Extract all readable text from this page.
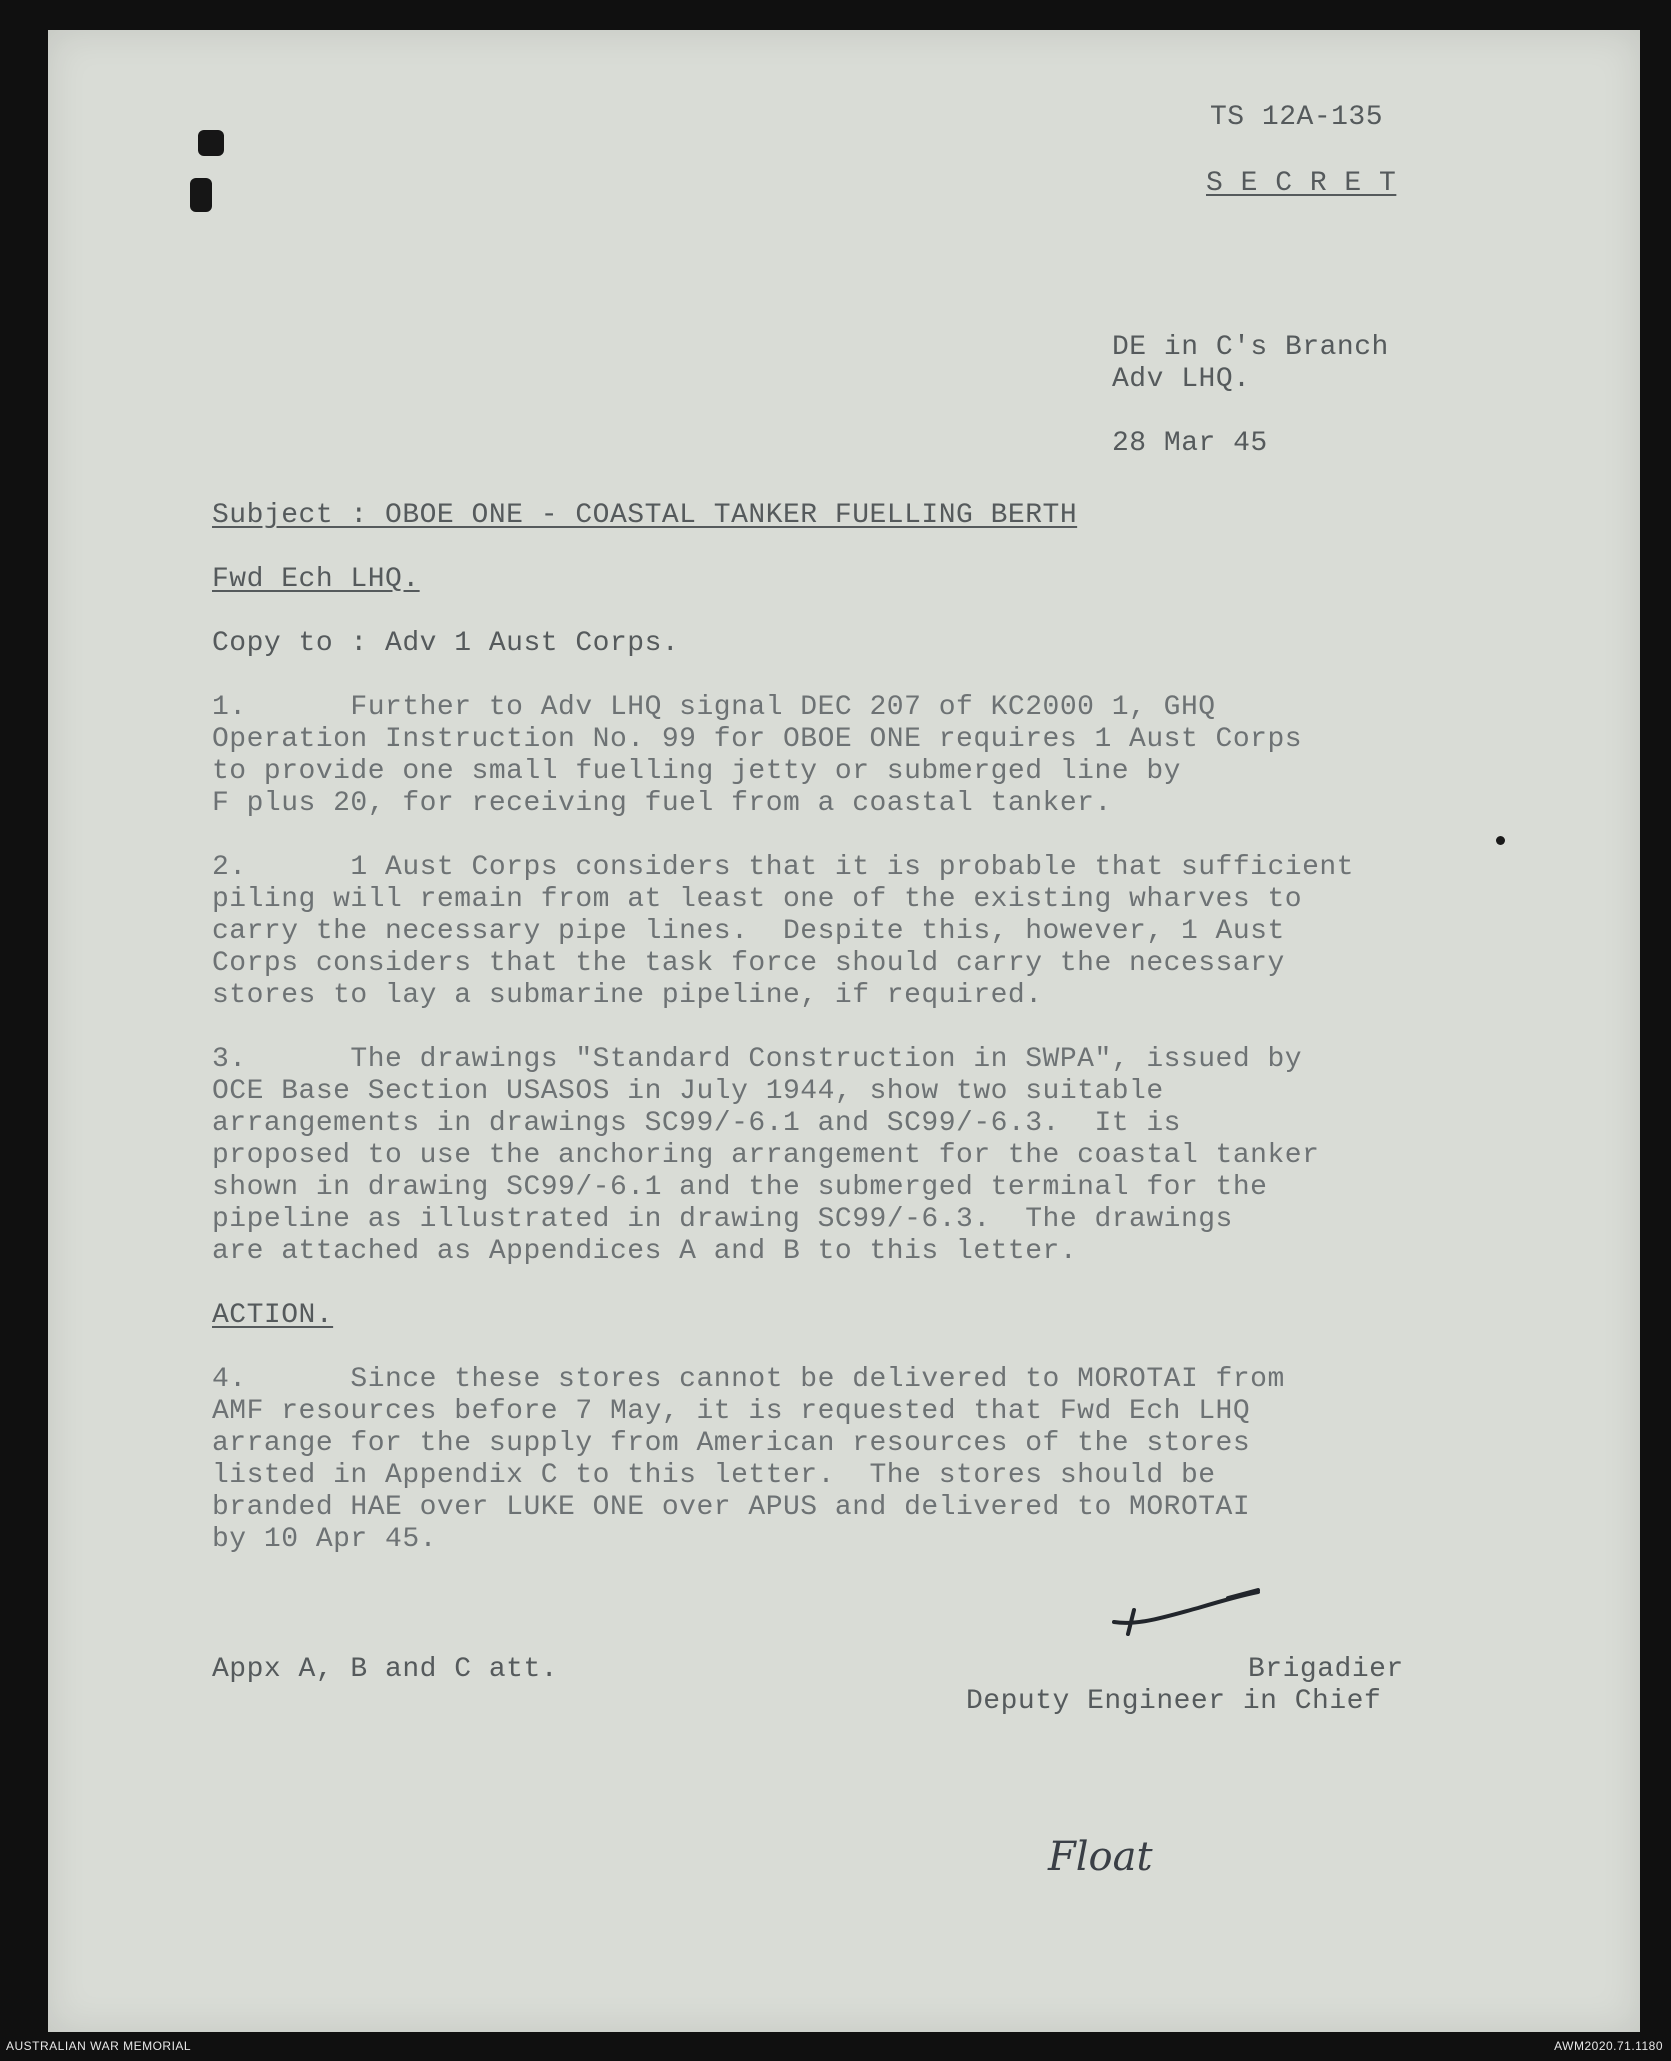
TS 12A-135
S E C R E T
DE in C's Branch
Adv LHQ.
28 Mar 45
Subject : OBOE ONE - COASTAL TANKER FUELLING BERTH
Fwd Ech LHQ.
Copy to : Adv 1 Aust Corps.
1.      Further to Adv LHQ signal DEC 207 of KC2000 1, GHQ
Operation Instruction No. 99 for OBOE ONE requires 1 Aust Corps
to provide one small fuelling jetty or submerged line by
F plus 20, for receiving fuel from a coastal tanker.
2.      1 Aust Corps considers that it is probable that sufficient
piling will remain from at least one of the existing wharves to
carry the necessary pipe lines.  Despite this, however, 1 Aust
Corps considers that the task force should carry the necessary
stores to lay a submarine pipeline, if required.
3.      The drawings "Standard Construction in SWPA", issued by
OCE Base Section USASOS in July 1944, show two suitable
arrangements in drawings SC99/-6.1 and SC99/-6.3.  It is
proposed to use the anchoring arrangement for the coastal tanker
shown in drawing SC99/-6.1 and the submerged terminal for the
pipeline as illustrated in drawing SC99/-6.3.  The drawings
are attached as Appendices A and B to this letter.
ACTION.
4.      Since these stores cannot be delivered to MOROTAI from
AMF resources before 7 May, it is requested that Fwd Ech LHQ
arrange for the supply from American resources of the stores
listed in Appendix C to this letter.  The stores should be
branded HAE over LUKE ONE over APUS and delivered to MOROTAI
by 10 Apr 45.
Appx A, B and C att.	Brigadier
Deputy Engineer in Chief
Float
AUSTRALIAN WAR MEMORIAL	AWM2020.71.1180
